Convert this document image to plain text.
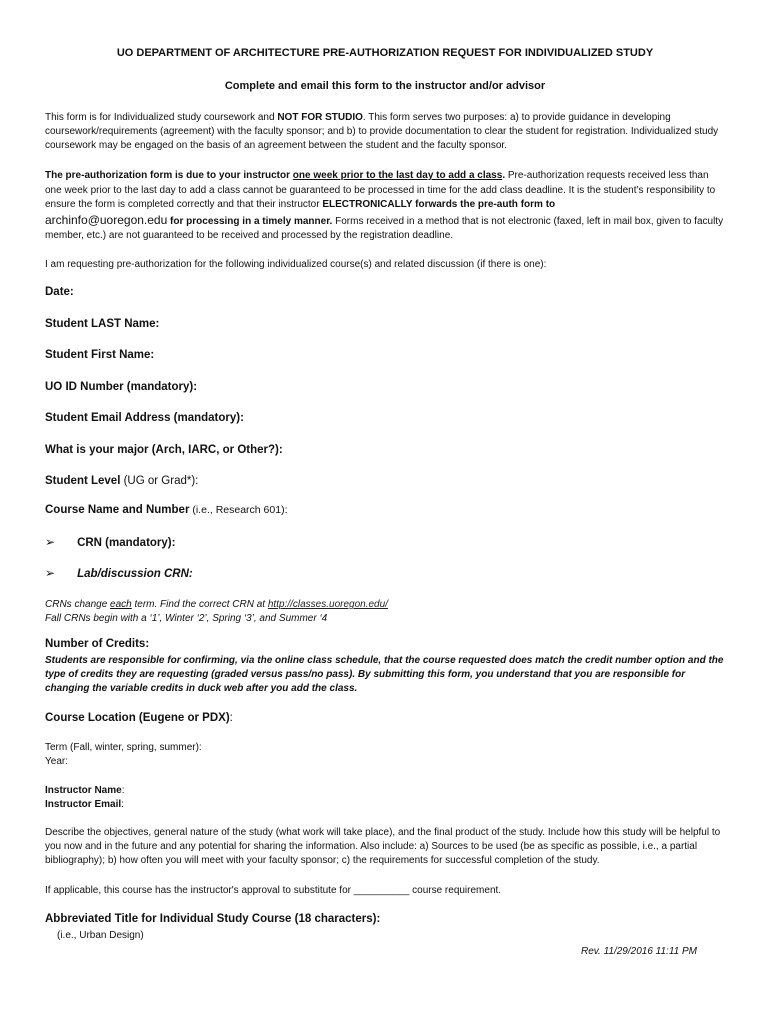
UO DEPARTMENT OF ARCHITECTURE PRE-AUTHORIZATION REQUEST FOR INDIVIDUALIZED STUDY
Complete and email this form to the instructor and/or advisor
This form is for Individualized study coursework and NOT FOR STUDIO. This form serves two purposes: a) to provide guidance in developing coursework/requirements (agreement) with the faculty sponsor; and b) to provide documentation to clear the student for registration. Individualized study coursework may be engaged on the basis of an agreement between the student and the faculty sponsor.
The pre-authorization form is due to your instructor one week prior to the last day to add a class. Pre-authorization requests received less than one week prior to the last day to add a class cannot be guaranteed to be processed in time for the add class deadline. It is the student’s responsibility to ensure the form is completed correctly and that their instructor ELECTRONICALLY forwards the pre-auth form to
archinfo@uoregon.edu for processing in a timely manner. Forms received in a method that is not electronic (faxed, left in mail box, given to faculty member, etc.) are not guaranteed to be received and processed by the registration deadline.
I am requesting pre-authorization for the following individualized course(s) and related discussion (if there is one):
Date:
Student LAST Name:
Student First Name:
UO ID Number (mandatory):
Student Email Address (mandatory):
What is your major (Arch, IARC, or Other?):
Student Level (UG or Grad*):
Course Name and Number (i.e., Research 601):
➢ CRN (mandatory):
➢ Lab/discussion CRN:
CRNs change each term. Find the correct CRN at http://classes.uoregon.edu/
Fall CRNs begin with a ‘1’, Winter ‘2’, Spring ‘3’, and Summer ‘4
Number of Credits:
Students are responsible for confirming, via the online class schedule, that the course requested does match the credit number option and the type of credits they are requesting (graded versus pass/no pass). By submitting this form, you understand that you are responsible for changing the variable credits in duck web after you add the class.
Course Location (Eugene or PDX):
Term (Fall, winter, spring, summer):
Year:
Instructor Name:
Instructor Email:
Describe the objectives, general nature of the study (what work will take place), and the final product of the study. Include how this study will be helpful to you now and in the future and any potential for sharing the information. Also include: a) Sources to be used (be as specific as possible, i.e., a partial bibliography); b) how often you will meet with your faculty sponsor; c) the requirements for successful completion of the study.
If applicable, this course has the instructor's approval to substitute for __________ course requirement.
Abbreviated Title for Individual Study Course (18 characters):
(i.e., Urban Design)
Rev. 11/29/2016 11:11 PM
